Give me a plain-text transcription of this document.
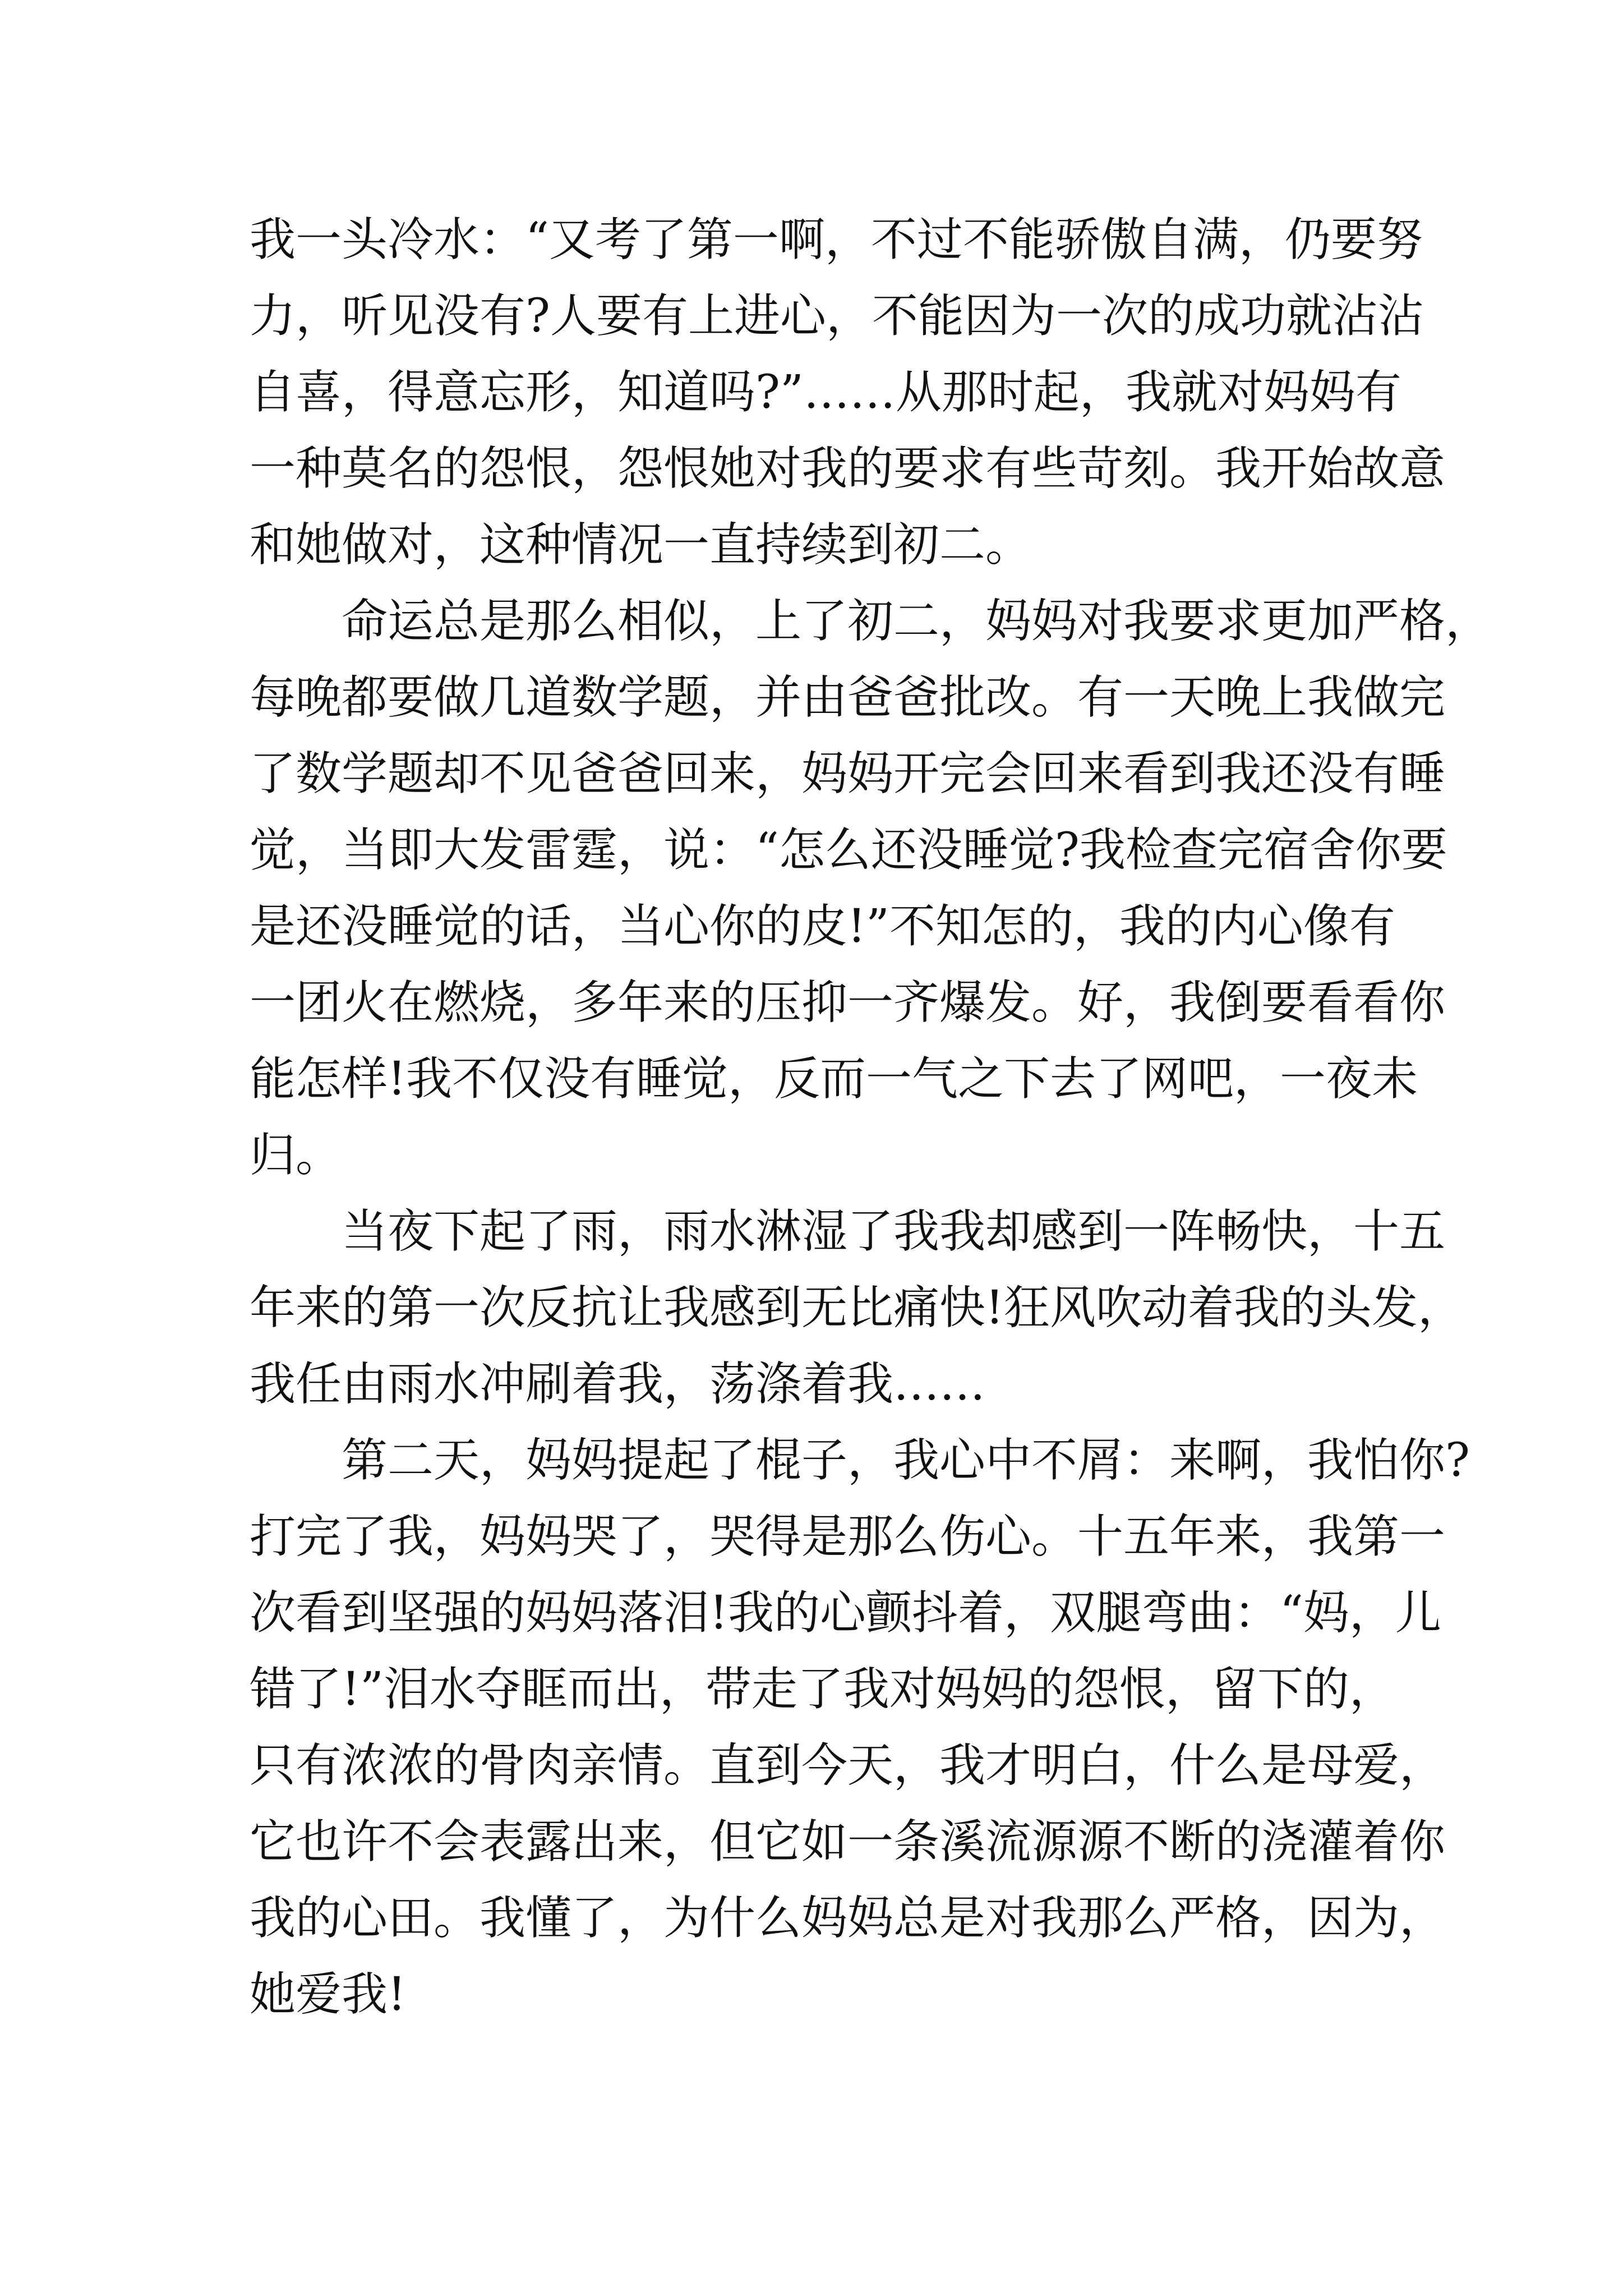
我一头冷水：“又考了第一啊，不过不能骄傲自满，仍要努
力，听见没有?人要有上进心，不能因为一次的成功就沾沾
自喜，得意忘形，知道吗?”……从那时起，我就对妈妈有
一种莫名的怨恨，怨恨她对我的要求有些苛刻。我开始故意
和她做对，这种情况一直持续到初二。
命运总是那么相似，上了初二，妈妈对我要求更加严格，
每晚都要做几道数学题，并由爸爸批改。有一天晚上我做完
了数学题却不见爸爸回来，妈妈开完会回来看到我还没有睡
觉，当即大发雷霆，说：“怎么还没睡觉?我检查完宿舍你要
是还没睡觉的话，当心你的皮!”不知怎的，我的内心像有
一团火在燃烧，多年来的压抑一齐爆发。好，我倒要看看你
能怎样!我不仅没有睡觉，反而一气之下去了网吧，一夜未
归。
当夜下起了雨，雨水淋湿了我我却感到一阵畅快，十五
年来的第一次反抗让我感到无比痛快!狂风吹动着我的头发，
我任由雨水冲刷着我，荡涤着我……
第二天，妈妈提起了棍子，我心中不屑：来啊，我怕你?
打完了我，妈妈哭了，哭得是那么伤心。十五年来，我第一
次看到坚强的妈妈落泪!我的心颤抖着，双腿弯曲：“妈，儿
错了!”泪水夺眶而出，带走了我对妈妈的怨恨，留下的，
只有浓浓的骨肉亲情。直到今天，我才明白，什么是母爱，
它也许不会表露出来，但它如一条溪流源源不断的浇灌着你
我的心田。我懂了，为什么妈妈总是对我那么严格，因为，
她爱我!
